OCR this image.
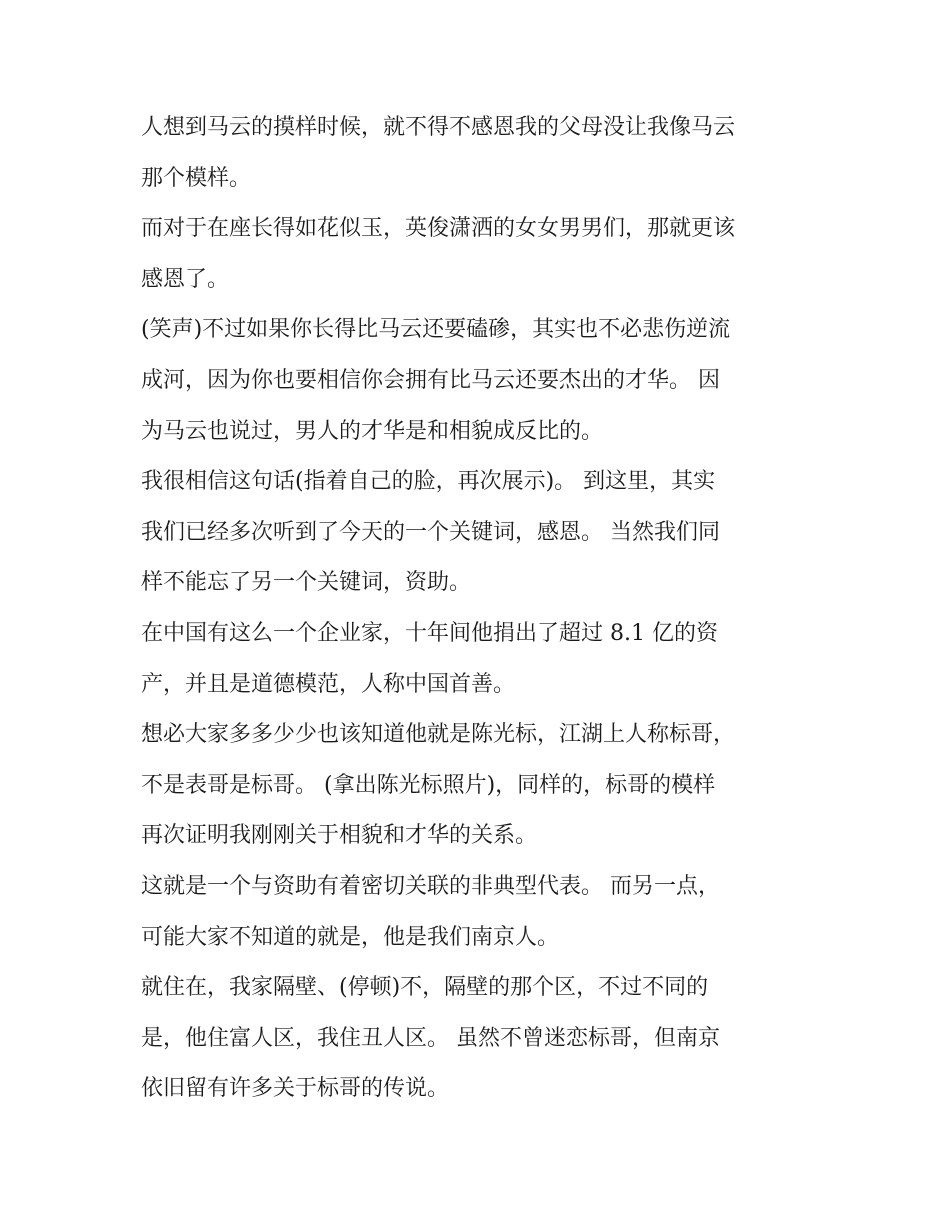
人想到马云的摸样时候，就不得不感恩我的父母没让我像马云
那个模样。
而对于在座长得如花似玉，英俊潇洒的女女男男们，那就更该
感恩了。
(笑声)不过如果你长得比马云还要磕碜，其实也不必悲伤逆流
成河，因为你也要相信你会拥有比马云还要杰出的才华。 因
为马云也说过，男人的才华是和相貌成反比的。
我很相信这句话(指着自己的脸，再次展示)。 到这里，其实
我们已经多次听到了今天的一个关键词，感恩。 当然我们同
样不能忘了另一个关键词，资助。
在中国有这么一个企业家，十年间他捐出了超过 8.1 亿的资
产，并且是道德模范，人称中国首善。
想必大家多多少少也该知道他就是陈光标，江湖上人称标哥，
不是表哥是标哥。 (拿出陈光标照片)，同样的，标哥的模样
再次证明我刚刚关于相貌和才华的关系。
这就是一个与资助有着密切关联的非典型代表。 而另一点，
可能大家不知道的就是，他是我们南京人。
就住在，我家隔壁、(停顿)不，隔壁的那个区，不过不同的
是，他住富人区，我住丑人区。 虽然不曾迷恋标哥，但南京
依旧留有许多关于标哥的传说。
